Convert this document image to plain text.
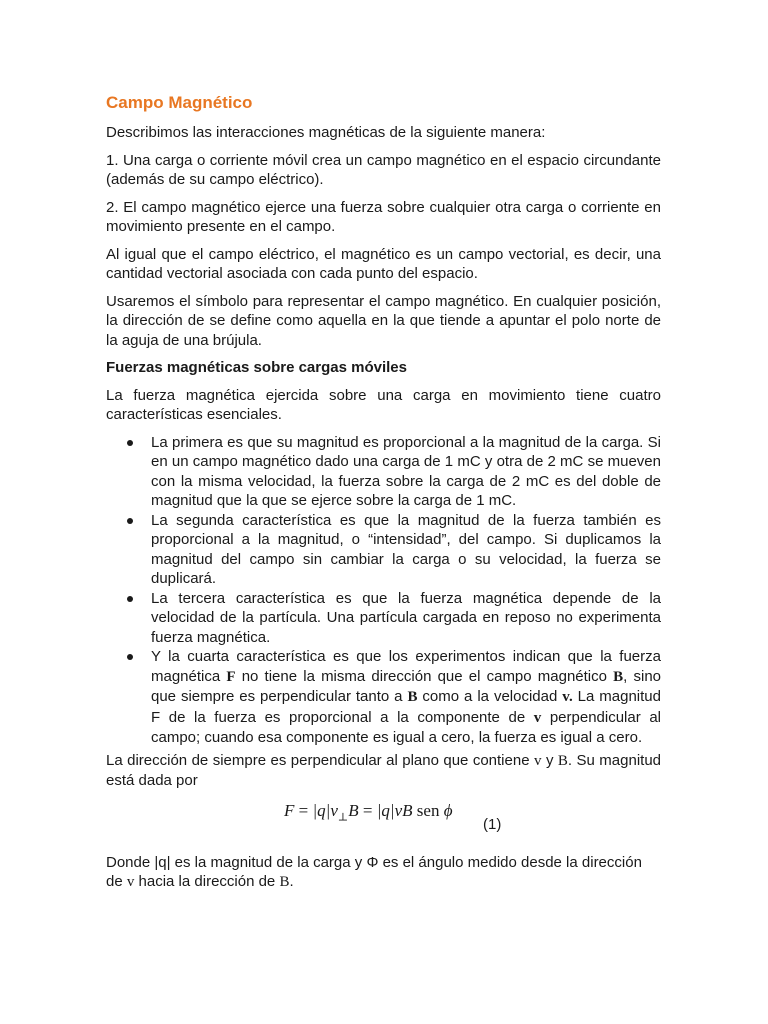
Campo Magnético

Describimos las interacciones magnéticas de la siguiente manera:

1. Una carga o corriente móvil crea un campo magnético en el espacio circundante (además de su campo eléctrico).

2. El campo magnético ejerce una fuerza sobre cualquier otra carga o corriente en movimiento presente en el campo.

Al igual que el campo eléctrico, el magnético es un campo vectorial, es decir, una cantidad vectorial asociada con cada punto del espacio.

Usaremos el símbolo para representar el campo magnético. En cualquier posición, la dirección de se define como aquella en la que tiende a apuntar el polo norte de la aguja de una brújula.

Fuerzas magnéticas sobre cargas móviles

La fuerza magnética ejercida sobre una carga en movimiento tiene cuatro características esenciales.

La primera es que su magnitud es proporcional a la magnitud de la carga. Si en un campo magnético dado una carga de 1 mC y otra de 2 mC se mueven con la misma velocidad, la fuerza sobre la carga de 2 mC es del doble de magnitud que la que se ejerce sobre la carga de 1 mC.
La segunda característica es que la magnitud de la fuerza también es proporcional a la magnitud, o “intensidad”, del campo. Si duplicamos la magnitud del campo sin cambiar la carga o su velocidad, la fuerza se duplicará.
La tercera característica es que la fuerza magnética depende de la velocidad de la partícula. Una partícula cargada en reposo no experimenta fuerza magnética.
Y la cuarta característica es que los experimentos indican que la fuerza magnética F no tiene la misma dirección que el campo magnético B, sino que siempre es perpendicular tanto a B como a la velocidad v. La magnitud F de la fuerza es proporcional a la componente de v perpendicular al campo; cuando esa componente es igual a cero, la fuerza es igual a cero.

La dirección de siempre es perpendicular al plano que contiene v y B. Su magnitud está dada por

$F = |q|v_\perp B = |q|vB$ sen ϕ
(1)

Donde |q| es la magnitud de la carga y Φ es el ángulo medido desde la dirección de v hacia la dirección de B.
